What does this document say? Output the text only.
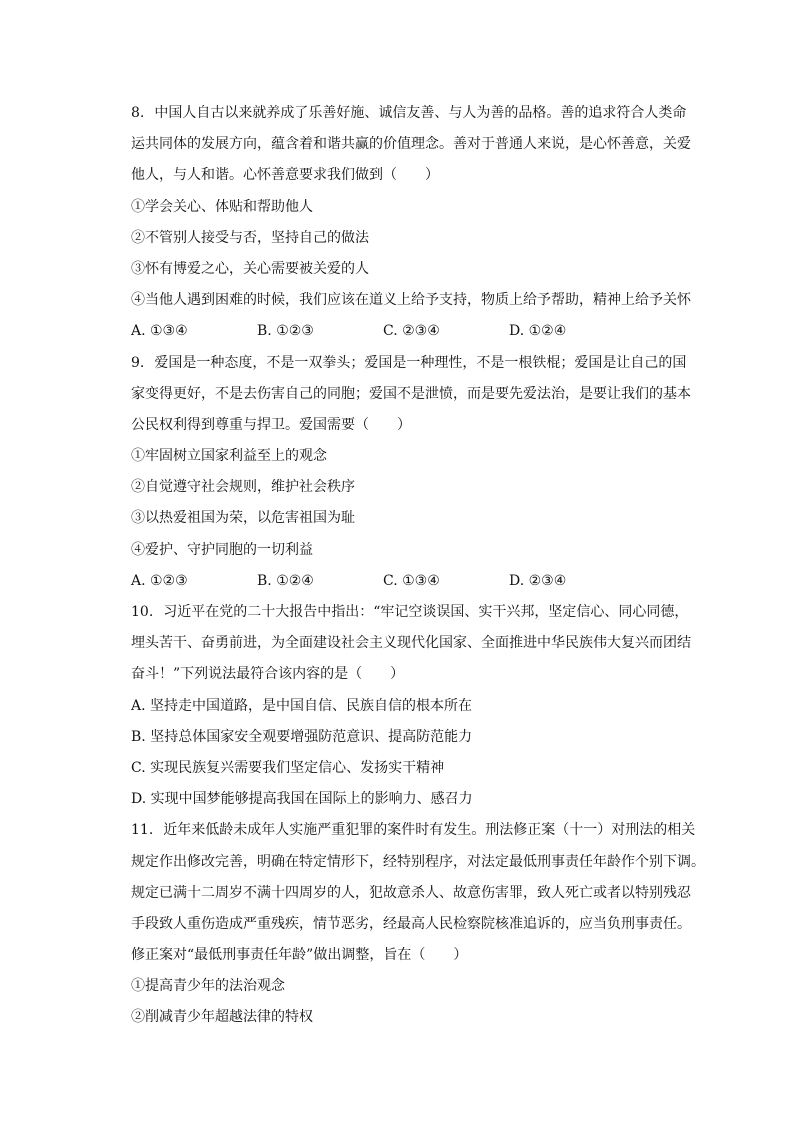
8. 中国人自古以来就养成了乐善好施、诚信友善、与人为善的品格。善的追求符合人类命
运共同体的发展方向，蕴含着和谐共赢的价值理念。善对于普通人来说，是心怀善意，关爱
他人，与人和谐。心怀善意要求我们做到（　　）
①学会关心、体贴和帮助他人
②不管别人接受与否，坚持自己的做法
③怀有博爱之心，关心需要被关爱的人
④当他人遇到困难的时候，我们应该在道义上给予支持，物质上给予帮助，精神上给予关怀
A. ①③④	B. ①②③	C. ②③④	D. ①②④
9. 爱国是一种态度，不是一双拳头；爱国是一种理性，不是一根铁棍；爱国是让自己的国
家变得更好，不是去伤害自己的同胞；爱国不是泄愤，而是要先爱法治，是要让我们的基本
公民权利得到尊重与捍卫。爱国需要（　　）
①牢固树立国家利益至上的观念
②自觉遵守社会规则，维护社会秩序
③以热爱祖国为荣，以危害祖国为耻
④爱护、守护同胞的一切利益
A. ①②③	B. ①②④	C. ①③④	D. ②③④
10. 习近平在党的二十大报告中指出：“牢记空谈误国、实干兴邦，坚定信心、同心同德，
埋头苦干、奋勇前进，为全面建设社会主义现代化国家、全面推进中华民族伟大复兴而团结
奋斗！”下列说法最符合该内容的是（　　）
A. 坚持走中国道路，是中国自信、民族自信的根本所在
B. 坚持总体国家安全观要增强防范意识、提高防范能力
C. 实现民族复兴需要我们坚定信心、发扬实干精神
D. 实现中国梦能够提高我国在国际上的影响力、感召力
11. 近年来低龄未成年人实施严重犯罪的案件时有发生。刑法修正案（十一）对刑法的相关
规定作出修改完善，明确在特定情形下，经特别程序，对法定最低刑事责任年龄作个别下调。
规定已满十二周岁不满十四周岁的人，犯故意杀人、故意伤害罪，致人死亡或者以特别残忍
手段致人重伤造成严重残疾，情节恶劣，经最高人民检察院核准追诉的，应当负刑事责任。
修正案对“最低刑事责任年龄”做出调整，旨在（　　）
①提高青少年的法治观念
②削减青少年超越法律的特权
